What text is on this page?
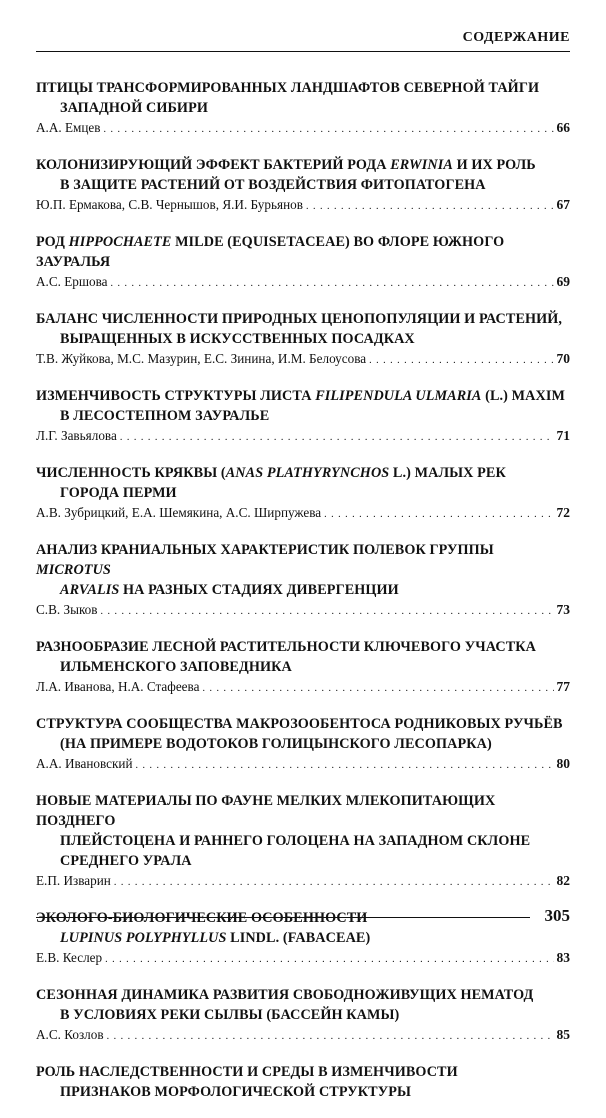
СОДЕРЖАНИЕ
ПТИЦЫ ТРАНСФОРМИРОВАННЫХ ЛАНДШАФТОВ СЕВЕРНОЙ ТАЙГИ
ЗАПАДНОЙ СИБИРИ
А.А. Емцев . . .	66
КОЛОНИЗИРУЮЩИЙ ЭФФЕКТ БАКТЕРИЙ РОДА ERWINIA И ИХ РОЛЬ
В ЗАЩИТЕ РАСТЕНИЙ ОТ ВОЗДЕЙСТВИЯ ФИТОПАТОГЕНА
Ю.П. Ермакова, С.В. Чернышов, Я.И. Бурьянов . . .	67
РОД HIPPOCHAETE MILDE (EQUISETACEAE) ВО ФЛОРЕ ЮЖНОГО ЗАУРАЛЬЯ
А.С. Ершова . . .	69
БАЛАНС ЧИСЛЕННОСТИ ПРИРОДНЫХ ЦЕНОПОПУЛЯЦИИ И РАСТЕНИЙ,
ВЫРАЩЕННЫХ В ИСКУССТВЕННЫХ ПОСАДКАХ
Т.В. Жуйкова, М.С. Мазурин, Е.С. Зинина, И.М. Белоусова . . .	70
ИЗМЕНЧИВОСТЬ СТРУКТУРЫ ЛИСТА FILIPENDULA ULMARIA (L.) MAXIM
В ЛЕСОСТЕПНОМ ЗАУРАЛЬЕ
Л.Г. Завьялова . . .	71
ЧИСЛЕННОСТЬ КРЯКВЫ (ANAS PLATHYRYNCHOS L.) МАЛЫХ РЕК
ГОРОДА ПЕРМИ
А.В. Зубрицкий, Е.А. Шемякина, А.С. Ширпужева . . .	72
АНАЛИЗ КРАНИАЛЬНЫХ ХАРАКТЕРИСТИК ПОЛЕВОК ГРУППЫ MICROTUS
ARVALIS НА РАЗНЫХ СТАДИЯХ ДИВЕРГЕНЦИИ
С.В. Зыков . . .	73
РАЗНООБРАЗИЕ ЛЕСНОЙ РАСТИТЕЛЬНОСТИ КЛЮЧЕВОГО УЧАСТКА
ИЛЬМЕНСКОГО ЗАПОВЕДНИКА
Л.А. Иванова, Н.А. Стафеева . . .	77
СТРУКТУРА СООБЩЕСТВА МАКРОЗООБЕНТОСА РОДНИКОВЫХ РУЧЬЁВ
(НА ПРИМЕРЕ ВОДОТОКОВ ГОЛИЦЫНСКОГО ЛЕСОПАРКА)
А.А. Ивановский . . .	80
НОВЫЕ МАТЕРИАЛЫ ПО ФАУНЕ МЕЛКИХ МЛЕКОПИТАЮЩИХ ПОЗДНЕГО
ПЛЕЙСТОЦЕНА И РАННЕГО ГОЛОЦЕНА НА ЗАПАДНОМ СКЛОНЕ
СРЕДНЕГО УРАЛА
Е.П. Изварин . . .	82
ЭКОЛОГО-БИОЛОГИЧЕСКИЕ ОСОБЕННОСТИ
LUPINUS POLYPHYLLUS LINDL. (FABACEAE)
Е.В. Кеслер . . .	83
СЕЗОННАЯ ДИНАМИКА РАЗВИТИЯ СВОБОДНОЖИВУЩИХ НЕМАТОД
В УСЛОВИЯХ РЕКИ СЫЛВЫ (БАССЕЙН КАМЫ)
А.С. Козлов . . .	85
РОЛЬ НАСЛЕДСТВЕННОСТИ И СРЕДЫ В ИЗМЕНЧИВОСТИ
ПРИЗНАКОВ МОРФОЛОГИЧЕСКОЙ СТРУКТУРЫ
305
